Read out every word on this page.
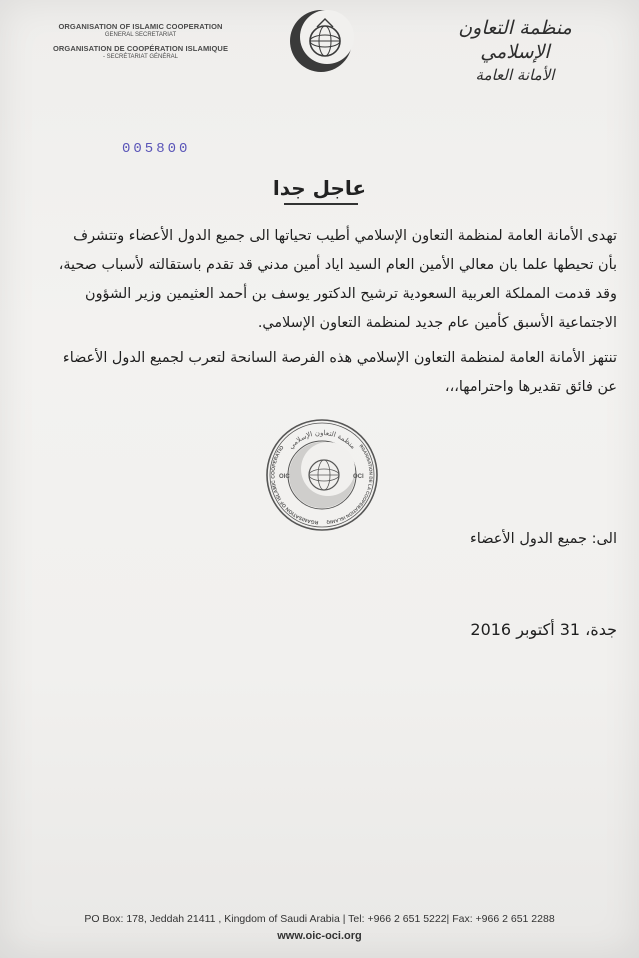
ORGANISATION OF ISLAMIC COOPERATION
GENERAL SECRETARIAT
ORGANISATION DE COOPÉRATION ISLAMIQUE
- SECRÉTARIAT GÉNÉRAL
منظمة التعاون الإسلامي
الأمانة العامة
005800
عاجل جدا
تهدى الأمانة العامة لمنظمة التعاون الإسلامي أطيب تحياتها الى جميع الدول الأعضاء وتتشرف
بأن تحيطها علما بان معالي الأمين العام السيد اياد أمين مدني قد تقدم باستقالته لأسباب صحية،
وقد قدمت المملكة العربية السعودية ترشيح الدكتور يوسف بن أحمد العثيمين وزير الشؤون
الاجتماعية الأسبق كأمين عام جديد لمنظمة التعاون الإسلامي.
تنتهز الأمانة العامة لمنظمة التعاون الإسلامي هذه الفرصة السانحة لتعرب لجميع الدول الأعضاء
عن فائق تقديرها واحترامها،،،
منظمة التعاون الإسلامي
RGANISATION OF ISLAMIC COOPERATIO	RGANISATION DE LA COOPÉRATION ISLAMIQ
OIC	OCI
الى: جميع الدول الأعضاء
جدة، 31 أكتوبر 2016
PO Box: 178, Jeddah 21411 , Kingdom of Saudi Arabia | Tel: +966 2 651 5222| Fax: +966 2 651 2288
www.oic-oci.org
